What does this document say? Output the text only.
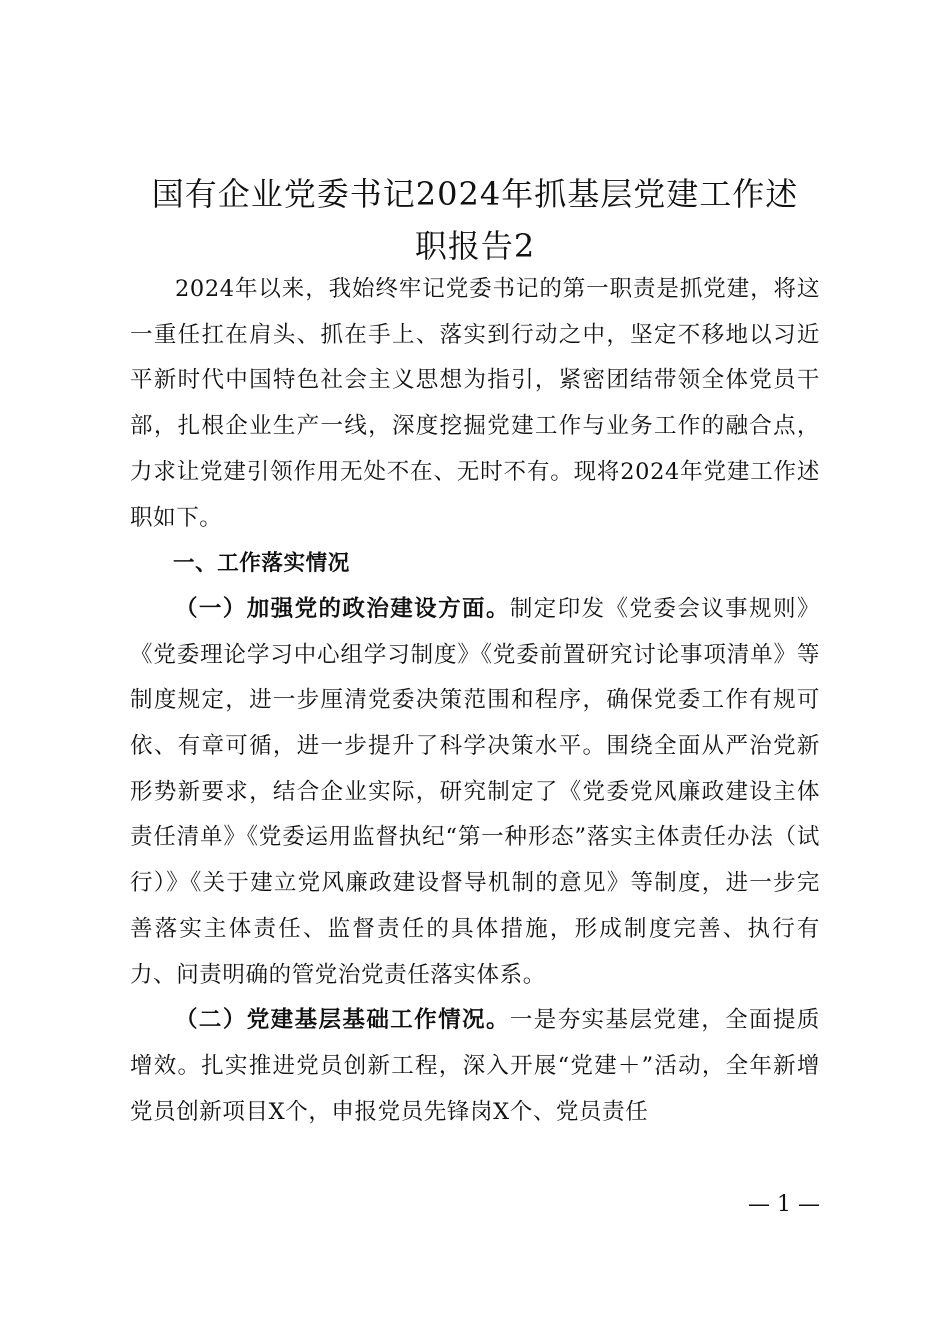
国有企业党委书记2024年抓基层党建工作述
职报告2

2024年以来，我始终牢记党委书记的第一职责是抓党建，将这一重任扛在肩头、抓在手上、落实到行动之中，坚定不移地以习近平新时代中国特色社会主义思想为指引，紧密团结带领全体党员干部，扎根企业生产一线，深度挖掘党建工作与业务工作的融合点，力求让党建引领作用无处不在、无时不有。现将2024年党建工作述职如下。

一、工作落实情况

（一）加强党的政治建设方面。制定印发《党委会议事规则》《党委理论学习中心组学习制度》《党委前置研究讨论事项清单》等制度规定，进一步厘清党委决策范围和程序，确保党委工作有规可依、有章可循，进一步提升了科学决策水平。围绕全面从严治党新形势新要求，结合企业实际，研究制定了《党委党风廉政建设主体责任清单》《党委运用监督执纪“第一种形态”落实主体责任办法（试行）》《关于建立党风廉政建设督导机制的意见》等制度，进一步完善落实主体责任、监督责任的具体措施，形成制度完善、执行有力、问责明确的管党治党责任落实体系。

（二）党建基层基础工作情况。一是夯实基层党建，全面提质增效。扎实推进党员创新工程，深入开展“党建＋”活动，全年新增党员创新项目X个，申报党员先锋岗X个、党员责任

— 1 —
